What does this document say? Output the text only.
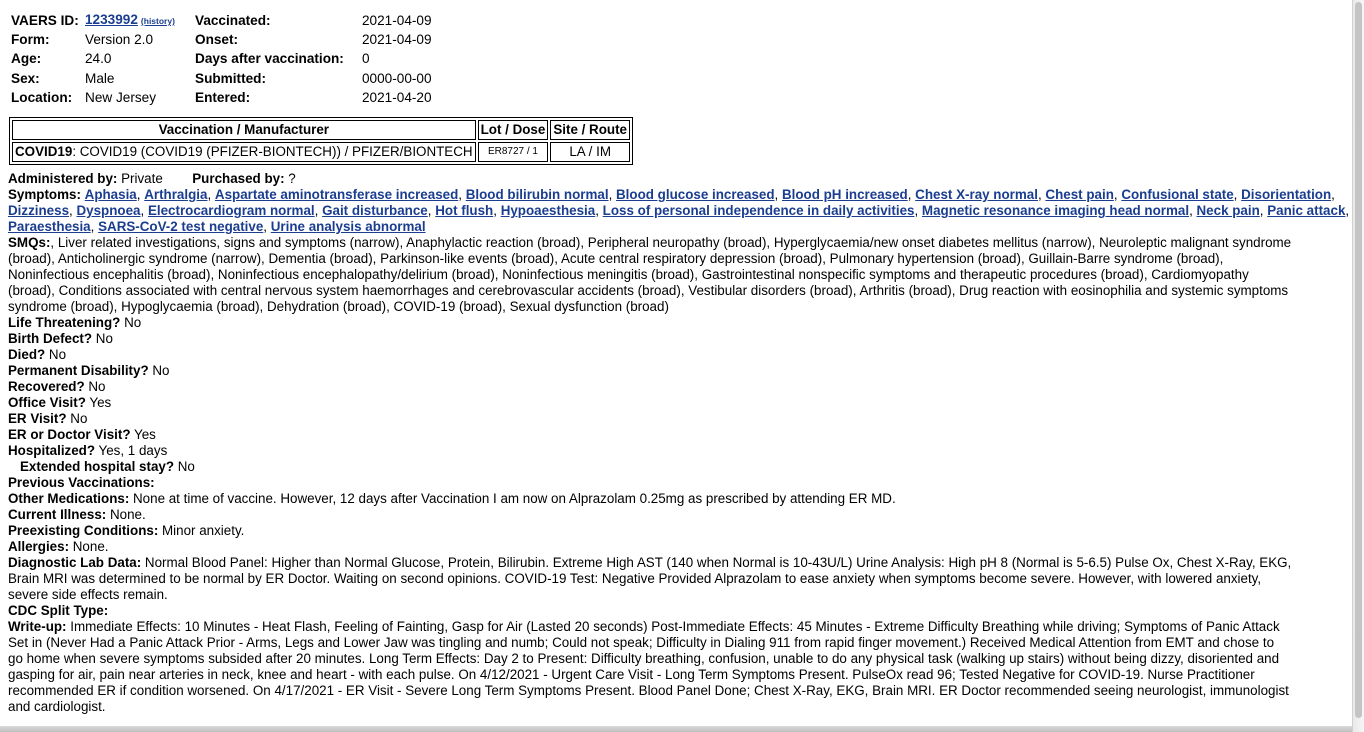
VAERS ID:	1233992 (history)	Vaccinated:	2021-04-09
Form:	Version 2.0	Onset:	2021-04-09
Age:	24.0	Days after vaccination:	0
Sex:	Male	Submitted:	0000-00-00
Location:	New Jersey	Entered:	2021-04-20
Vaccination / Manufacturer	Lot / Dose	Site / Route
COVID19: COVID19 (COVID19 (PFIZER-BIONTECH)) / PFIZER/BIONTECH	ER8727 / 1	LA / IM
Administered by: Private Purchased by: ?
Symptoms: Aphasia, Arthralgia, Aspartate aminotransferase increased, Blood bilirubin normal, Blood glucose increased, Blood pH increased, Chest X-ray normal, Chest pain, Confusional state, Disorientation, Dizziness, Dyspnoea, Electrocardiogram normal, Gait disturbance, Hot flush, Hypoaesthesia, Loss of personal independence in daily activities, Magnetic resonance imaging head normal, Neck pain, Panic attack, Paraesthesia, SARS-CoV-2 test negative, Urine analysis abnormal
SMQs:, Liver related investigations, signs and symptoms (narrow), Anaphylactic reaction (broad), Peripheral neuropathy (broad), Hyperglycaemia/new onset diabetes mellitus (narrow), Neuroleptic malignant syndrome
(broad), Anticholinergic syndrome (narrow), Dementia (broad), Parkinson-like events (broad), Acute central respiratory depression (broad), Pulmonary hypertension (broad), Guillain-Barre syndrome (broad),
Noninfectious encephalitis (broad), Noninfectious encephalopathy/delirium (broad), Noninfectious meningitis (broad), Gastrointestinal nonspecific symptoms and therapeutic procedures (broad), Cardiomyopathy
(broad), Conditions associated with central nervous system haemorrhages and cerebrovascular accidents (broad), Vestibular disorders (broad), Arthritis (broad), Drug reaction with eosinophilia and systemic symptoms
syndrome (broad), Hypoglycaemia (broad), Dehydration (broad), COVID-19 (broad), Sexual dysfunction (broad)
Life Threatening? No
Birth Defect? No
Died? No
Permanent Disability? No
Recovered? No
Office Visit? Yes
ER Visit? No
ER or Doctor Visit? Yes
Hospitalized? Yes, 1 days
Extended hospital stay? No
Previous Vaccinations:
Other Medications: None at time of vaccine. However, 12 days after Vaccination I am now on Alprazolam 0.25mg as prescribed by attending ER MD.
Current Illness: None.
Preexisting Conditions: Minor anxiety.
Allergies: None.
Diagnostic Lab Data: Normal Blood Panel: Higher than Normal Glucose, Protein, Bilirubin. Extreme High AST (140 when Normal is 10-43U/L) Urine Analysis: High pH 8 (Normal is 5-6.5) Pulse Ox, Chest X-Ray, EKG,
Brain MRI was determined to be normal by ER Doctor. Waiting on second opinions. COVID-19 Test: Negative Provided Alprazolam to ease anxiety when symptoms become severe. However, with lowered anxiety,
severe side effects remain.
CDC Split Type:
Write-up: Immediate Effects: 10 Minutes - Heat Flash, Feeling of Fainting, Gasp for Air (Lasted 20 seconds) Post-Immediate Effects: 45 Minutes - Extreme Difficulty Breathing while driving; Symptoms of Panic Attack
Set in (Never Had a Panic Attack Prior - Arms, Legs and Lower Jaw was tingling and numb; Could not speak; Difficulty in Dialing 911 from rapid finger movement.) Received Medical Attention from EMT and chose to
go home when severe symptoms subsided after 20 minutes. Long Term Effects: Day 2 to Present: Difficulty breathing, confusion, unable to do any physical task (walking up stairs) without being dizzy, disoriented and
gasping for air, pain near arteries in neck, knee and heart - with each pulse. On 4/12/2021 - Urgent Care Visit - Long Term Symptoms Present. PulseOx read 96; Tested Negative for COVID-19. Nurse Practitioner
recommended ER if condition worsened. On 4/17/2021 - ER Visit - Severe Long Term Symptoms Present. Blood Panel Done; Chest X-Ray, EKG, Brain MRI. ER Doctor recommended seeing neurologist, immunologist
and cardiologist.
